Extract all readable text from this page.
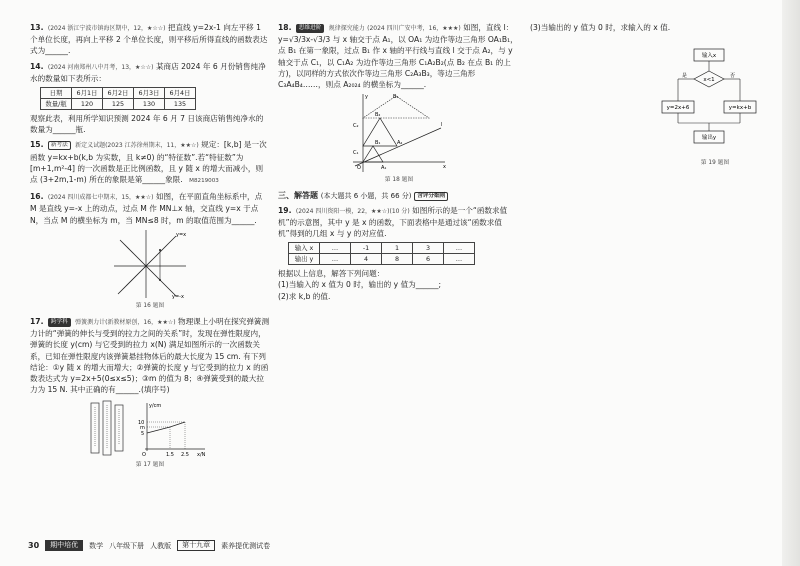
13. (2024 浙江宁波市镇海区期中，12，★☆☆) 把直线 y=2x-1 向左平移 1 个单位长度，再向上平移 2 个单位长度，则平移后所得直线的函数表达式为______.
14. (2024 河南郑州八中月考，13，★☆☆) 某商店 2024 年 6 月份销售纯净水的数量如下表所示：
日期	6月1日	6月2日	6月3日	6月4日
数量/瓶	120	125	130	135
观察此表，利用所学知识预测 2024 年 6 月 7 日该商店销售纯净水的数量为______瓶.
15. 新考法 新定义试题(2023 江苏徐州期末，11，★★☆) 规定：[k,b] 是一次函数 y=kx+b(k,b 为实数，且 k≠0) 的“特征数”.若“特征数”为 [m+1,m²-4] 的一次函数是正比例函数，且 y 随 x 的增大而减小，则点 (3+2m,1-m) 所在的象限是第______象限. M8219003
16. (2024 四川成都七中期末，15，★★☆) 如图，在平面直角坐标系中，点 M 是直线 y=-x 上的动点，过点 M 作 MN⊥x 轴，交直线 y=x 于点 N，当点 M 的横坐标为 m，当 MN≤8 时，m 的取值范围为______.
y=x
y=-x
第 16 题图
17. 跨学科 弹簧测力计(新教材原创，16，★★☆) 物理课上小明在探究弹簧测力计的“弹簧的伸长与受到的拉力之间的关系”时，发现在弹性限度内，弹簧的长度 y(cm) 与它受到的拉力 x(N) 满足如图所示的一次函数关系，已知在弹性限度内该弹簧悬挂物体后的最大长度为 15 cm. 有下列结论：①y 随 x 的增大而增大；②弹簧的长度 y 与它受到的拉力 x 的函数表达式为 y=2x+5(0≤x≤5)；③m 的值为 8；④弹簧受到的最大拉力为 15 N. 其中正确的有______.(填序号)
y/cm
x/N
10
m
5
O	1.5 2.5
第 17 题图
18. 思维进阶 规律探究能力 (2024 四川广安中考，16，★★★) 如图，直线 l：y=√3/3x-√3/3 与 x 轴交于点 A₁，以 OA₁ 为边作等边三角形 OA₁B₁，点 B₁ 在第一象限，过点 B₁ 作 x 轴的平行线与直线 l 交于点 A₂，与 y 轴交于点 C₁，以 C₁A₂ 为边作等边三角形 C₁A₂B₂(点 B₂ 在点 B₁ 的上方)，以同样的方式依次作等边三角形 C₂A₃B₃，等边三角形 C₃A₄B₄……，则点 A₂₀₂₄ 的横坐标为______.
C₁
C₂
O	A₁
A₂
B₁
B₂
B₃
l
x
y
第 18 题图
三、解答题 (本大题共 6 小题，共 66 分) 含评分细则
19. (2024 四川资阳一模，22，★★☆)(10 分) 如图所示的是一个“函数求值机”的示意图，其中 y 是 x 的函数，下面表格中是通过该“函数求值机”得到的几组 x 与 y 的对应值.
输入 x	…	-1	1	3	…
输出 y	…	4	8	6	…
根据以上信息，解答下列问题：
(1)当输入的 x 值为 0 时，输出的 y 值为______;
(2)求 k,b 的值.
(3)当输出的 y 值为 0 时，求输入的 x 值.
输入x
x<1
是	否
y=2x+6	y=kx+b
输出y
第 19 题图
30	期中培优	数学 八年级下册 人教版	第十九章	素养提优测试卷
